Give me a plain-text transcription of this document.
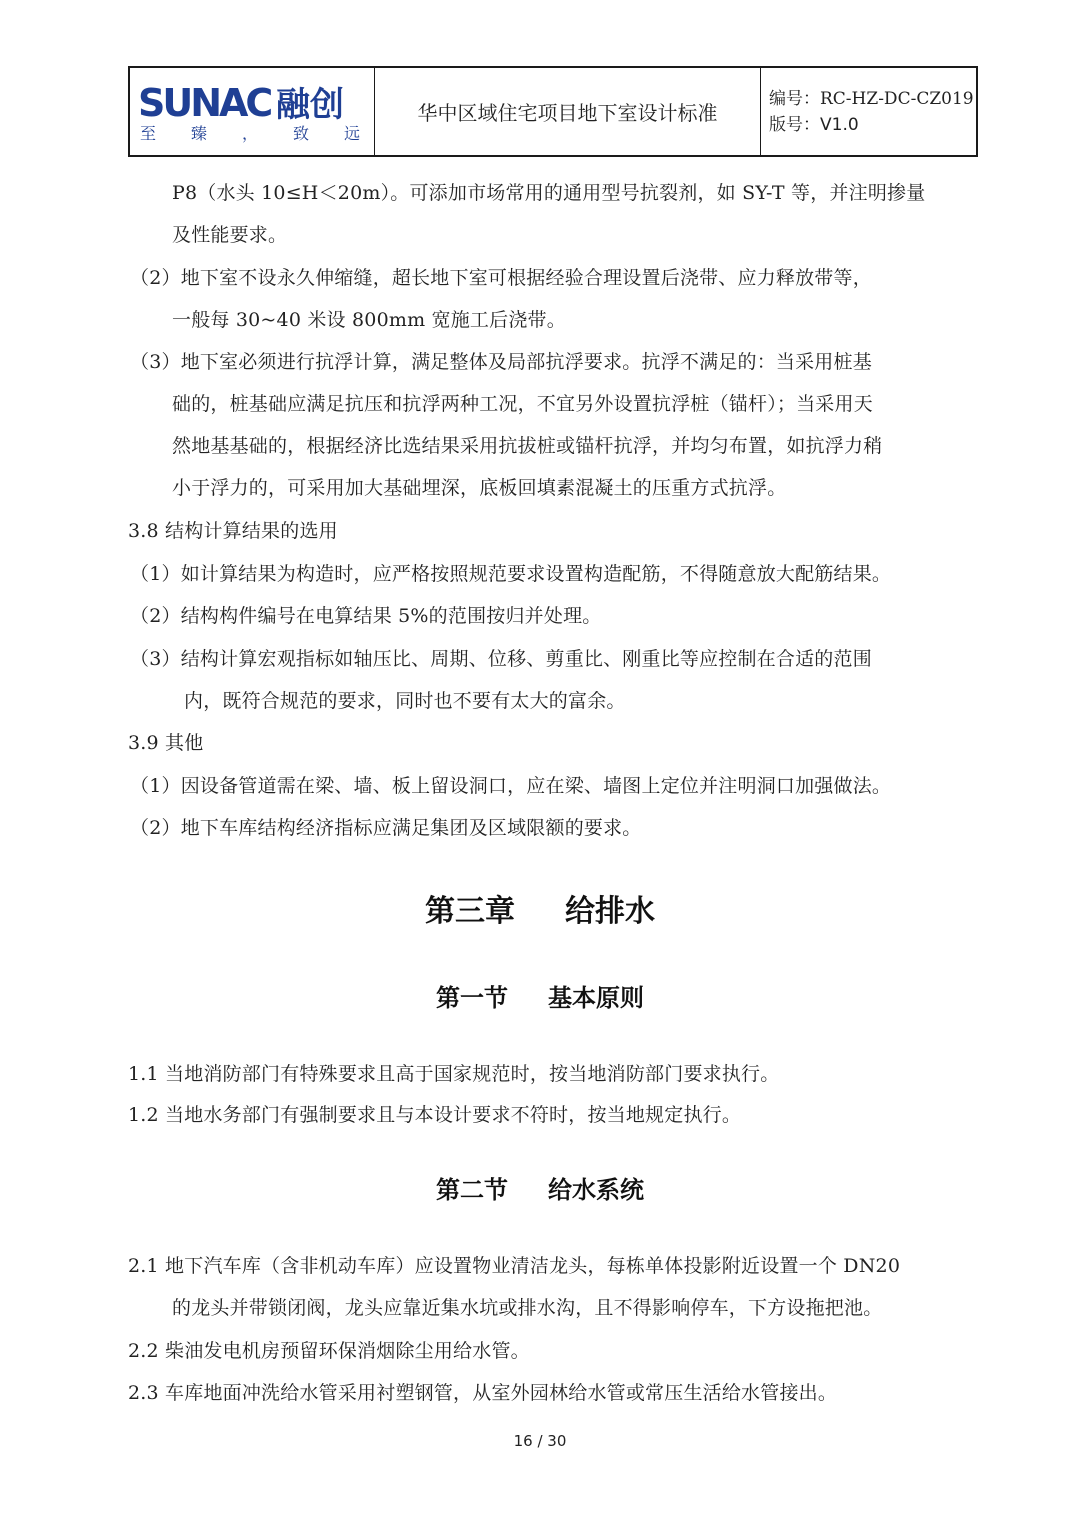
SUNAC 融创
至 臻 ， 致 远
华中区域住宅项目地下室设计标准
编号：RC-HZ-DC-CZ019
版号：V1.0
P8（水头 10≤H＜20m）。可添加市场常用的通用型号抗裂剂，如 SY-T 等，并注明掺量
及性能要求。
（2）地下室不设永久伸缩缝，超长地下室可根据经验合理设置后浇带、应力释放带等，
一般每 30~40 米设 800mm 宽施工后浇带。
（3）地下室必须进行抗浮计算，满足整体及局部抗浮要求。抗浮不满足的：当采用桩基
础的，桩基础应满足抗压和抗浮两种工况，不宜另外设置抗浮桩（锚杆）；当采用天
然地基基础的，根据经济比选结果采用抗拔桩或锚杆抗浮，并均匀布置，如抗浮力稍
小于浮力的，可采用加大基础埋深，底板回填素混凝土的压重方式抗浮。
3.8 结构计算结果的选用
（1）如计算结果为构造时，应严格按照规范要求设置构造配筋，不得随意放大配筋结果。
（2）结构构件编号在电算结果 5%的范围按归并处理。
（3）结构计算宏观指标如轴压比、周期、位移、剪重比、刚重比等应控制在合适的范围
内，既符合规范的要求，同时也不要有太大的富余。
3.9 其他
（1）因设备管道需在梁、墙、板上留设洞口，应在梁、墙图上定位并注明洞口加强做法。
（2）地下车库结构经济指标应满足集团及区域限额的要求。
第三章 给排水
第一节 基本原则
1.1 当地消防部门有特殊要求且高于国家规范时，按当地消防部门要求执行。
1.2 当地水务部门有强制要求且与本设计要求不符时，按当地规定执行。
第二节 给水系统
2.1 地下汽车库（含非机动车库）应设置物业清洁龙头，每栋单体投影附近设置一个 DN20
的龙头并带锁闭阀，龙头应靠近集水坑或排水沟，且不得影响停车，下方设拖把池。
2.2 柴油发电机房预留环保消烟除尘用给水管。
2.3 车库地面冲洗给水管采用衬塑钢管，从室外园林给水管或常压生活给水管接出。
16 / 30
